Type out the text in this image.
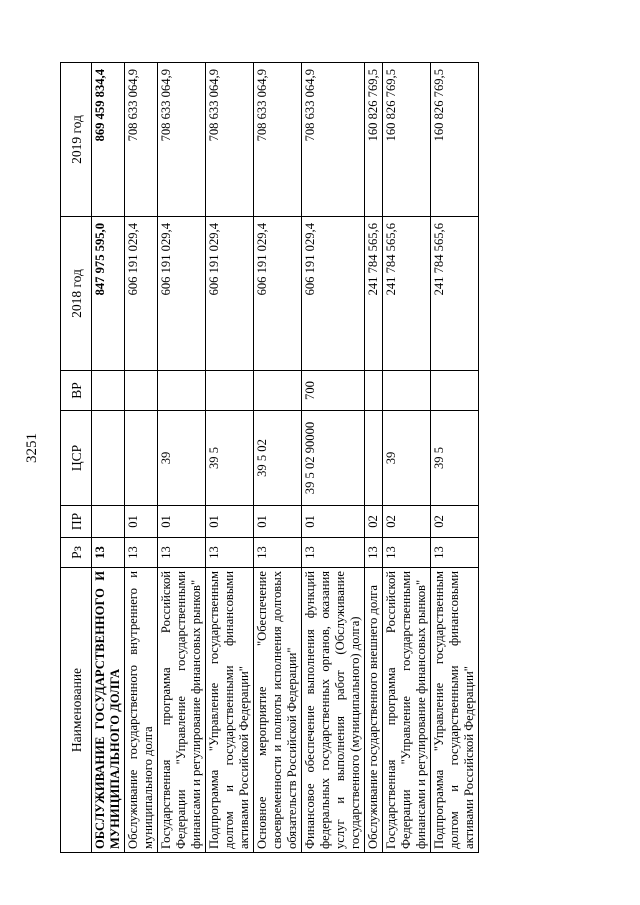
3251
Наименование	Рз	ПР	ЦСР	ВР	2018 год	2019 год
ОБСЛУЖИВАНИЕ ГОСУДАРСТВЕННОГО И МУНИЦИПАЛЬНОГО ДОЛГА	13				847 975 595,0	869 459 834,4
Обслуживание государственного внутреннего и муниципального долга	13	01			606 191 029,4	708 633 064,9
Государственная программа Российской Федерации "Управление государственными финансами и регулирование финансовых рынков"	13	01	39		606 191 029,4	708 633 064,9
Подпрограмма "Управление государственным долгом и государственными финансовыми активами Российской Федерации"	13	01	39 5		606 191 029,4	708 633 064,9
Основное мероприятие "Обеспечение своевременности и полноты исполнения долговых обязательств Российской Федерации"	13	01	39 5 02		606 191 029,4	708 633 064,9
Финансовое обеспечение выполнения функций федеральных государственных органов, оказания услуг и выполнения работ (Обслуживание государственного (муниципального) долга)	13	01	39 5 02 90000	700	606 191 029,4	708 633 064,9
Обслуживание государственного внешнего долга	13	02			241 784 565,6	160 826 769,5
Государственная программа Российской Федерации "Управление государственными финансами и регулирование финансовых рынков"	13	02	39		241 784 565,6	160 826 769,5
Подпрограмма "Управление государственным долгом и государственными финансовыми активами Российской Федерации"	13	02	39 5		241 784 565,6	160 826 769,5
